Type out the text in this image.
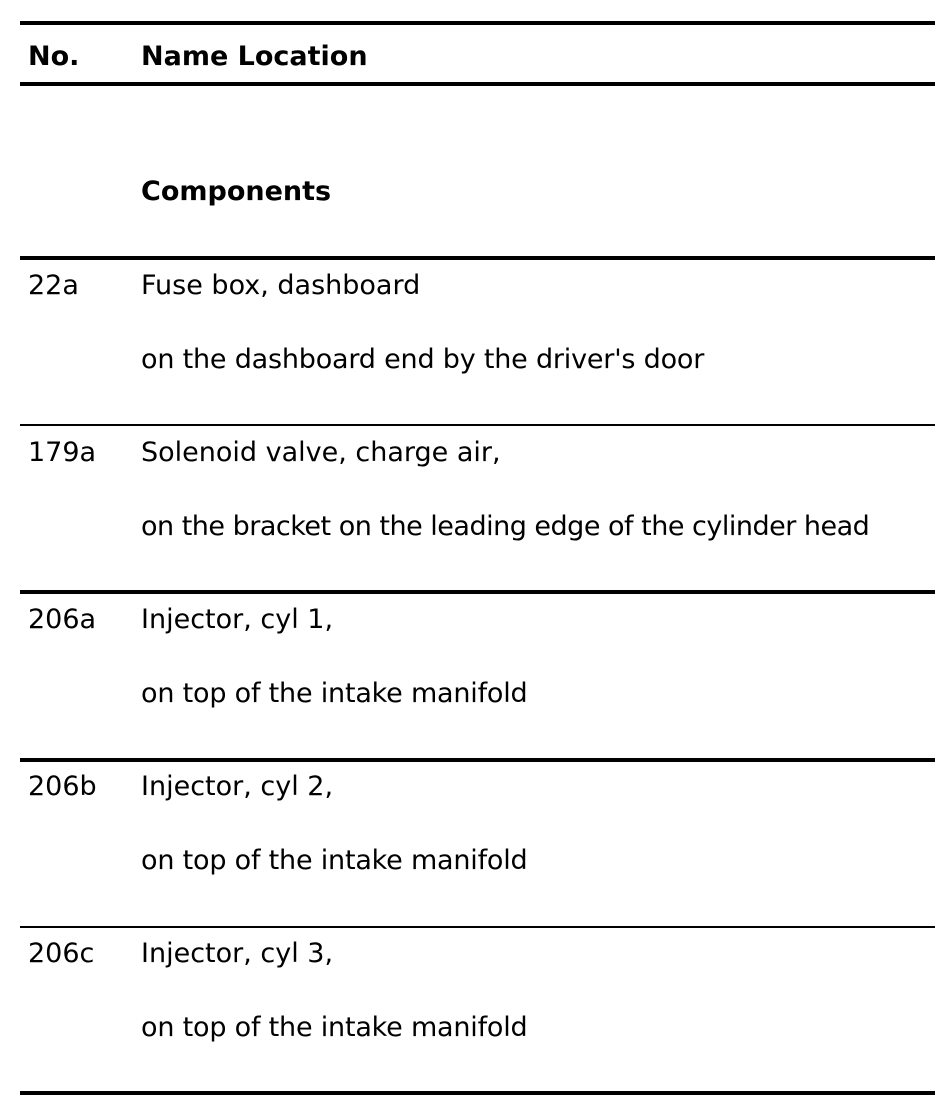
No. Name Location
Components
22a Fuse box, dashboard
on the dashboard end by the driver's door
179a Solenoid valve, charge air,
on the bracket on the leading edge of the cylinder head
206a Injector, cyl 1,
on top of the intake manifold
206b Injector, cyl 2,
on top of the intake manifold
206c Injector, cyl 3,
on top of the intake manifold
